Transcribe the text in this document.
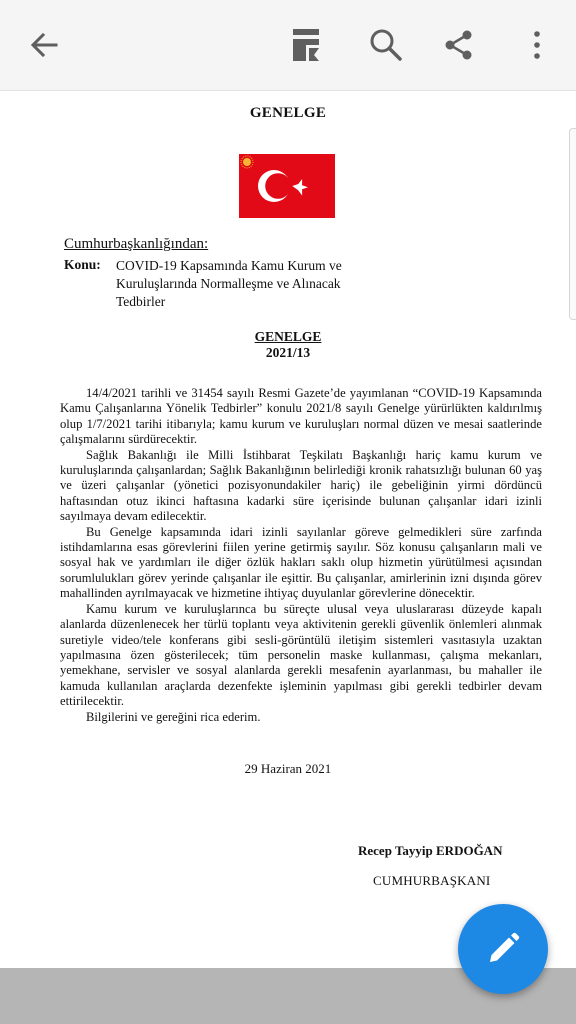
GENELGE
Cumhurbaşkanlığından:
Konu: COVID-19 Kapsamında Kamu Kurum ve Kuruluşlarında Normalleşme ve Alınacak Tedbirler
GENELGE
2021/13

14/4/2021 tarihli ve 31454 sayılı Resmi Gazete’de yayımlanan “COVID-19 Kapsamında Kamu Çalışanlarına Yönelik Tedbirler” konulu 2021/8 sayılı Genelge yürürlükten kaldırılmış olup 1/7/2021 tarihi itibarıyla; kamu kurum ve kuruluşları normal düzen ve mesai saatlerinde çalışmalarını sürdürecektir.

Sağlık Bakanlığı ile Milli İstihbarat Teşkilatı Başkanlığı hariç kamu kurum ve kuruluşlarında çalışanlardan; Sağlık Bakanlığının belirlediği kronik rahatsızlığı bulunan 60 yaş ve üzeri çalışanlar (yönetici pozisyonundakiler hariç) ile gebeliğinin yirmi dördüncü haftasından otuz ikinci haftasına kadarki süre içerisinde bulunan çalışanlar idari izinli sayılmaya devam edilecektir.

Bu Genelge kapsamında idari izinli sayılanlar göreve gelmedikleri süre zarfında istihdamlarına esas görevlerini fiilen yerine getirmiş sayılır. Söz konusu çalışanların mali ve sosyal hak ve yardımları ile diğer özlük hakları saklı olup hizmetin yürütülmesi açısından sorumlulukları görev yerinde çalışanlar ile eşittir. Bu çalışanlar, amirlerinin izni dışında görev mahallinden ayrılmayacak ve hizmetine ihtiyaç duyulanlar görevlerine dönecektir.

Kamu kurum ve kuruluşlarınca bu süreçte ulusal veya uluslararası düzeyde kapalı alanlarda düzenlenecek her türlü toplantı veya aktivitenin gerekli güvenlik önlemleri alınmak suretiyle video/tele konferans gibi sesli-görüntülü iletişim sistemleri vasıtasıyla uzaktan yapılmasına özen gösterilecek; tüm personelin maske kullanması, çalışma mekanları, yemekhane, servisler ve sosyal alanlarda gerekli mesafenin ayarlanması, bu mahaller ile kamuda kullanılan araçlarda dezenfekte işleminin yapılması gibi gerekli tedbirler devam ettirilecektir.

Bilgilerini ve gereğini rica ederim.

29 Haziran 2021
Recep Tayyip ERDOĞAN
CUMHURBAŞKANI
